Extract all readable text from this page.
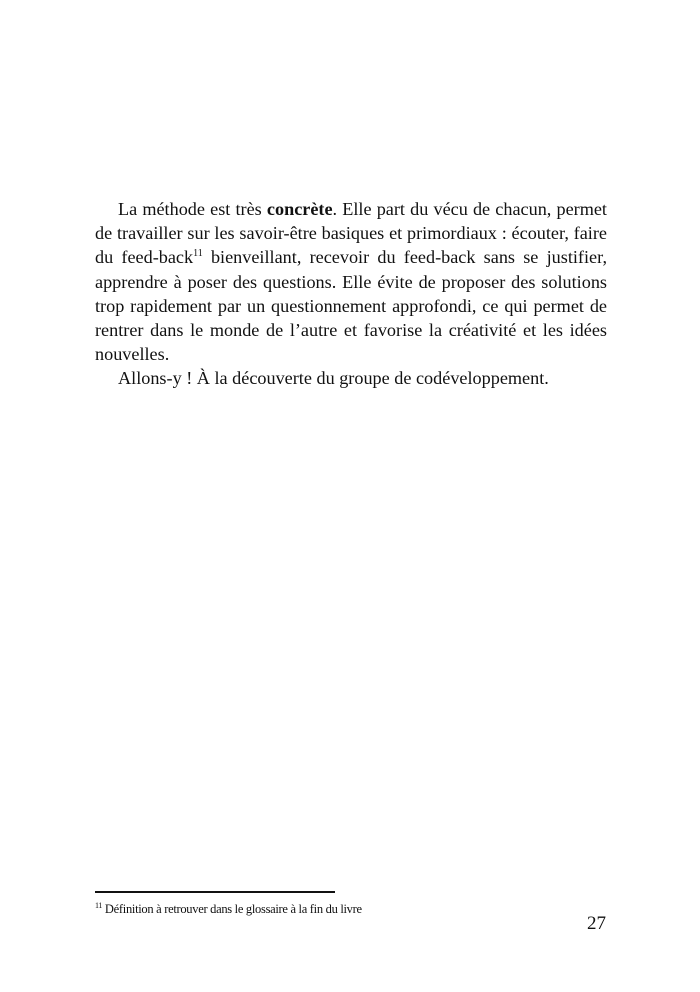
La méthode est très concrète. Elle part du vécu de chacun, permet
de travailler sur les savoir-être basiques et primordiaux : écouter, faire
du feed-back$^{11}$ bienveillant, recevoir du feed-back sans se justifier,
apprendre à poser des questions. Elle évite de proposer des solutions
trop rapidement par un questionnement approfondi, ce qui permet de
rentrer dans le monde de l’autre et favorise la créativité et les idées
nouvelles.
Allons-y ! À la découverte du groupe de codéveloppement.
$^{11}$ Définition à retrouver dans le glossaire à la fin du livre
27
